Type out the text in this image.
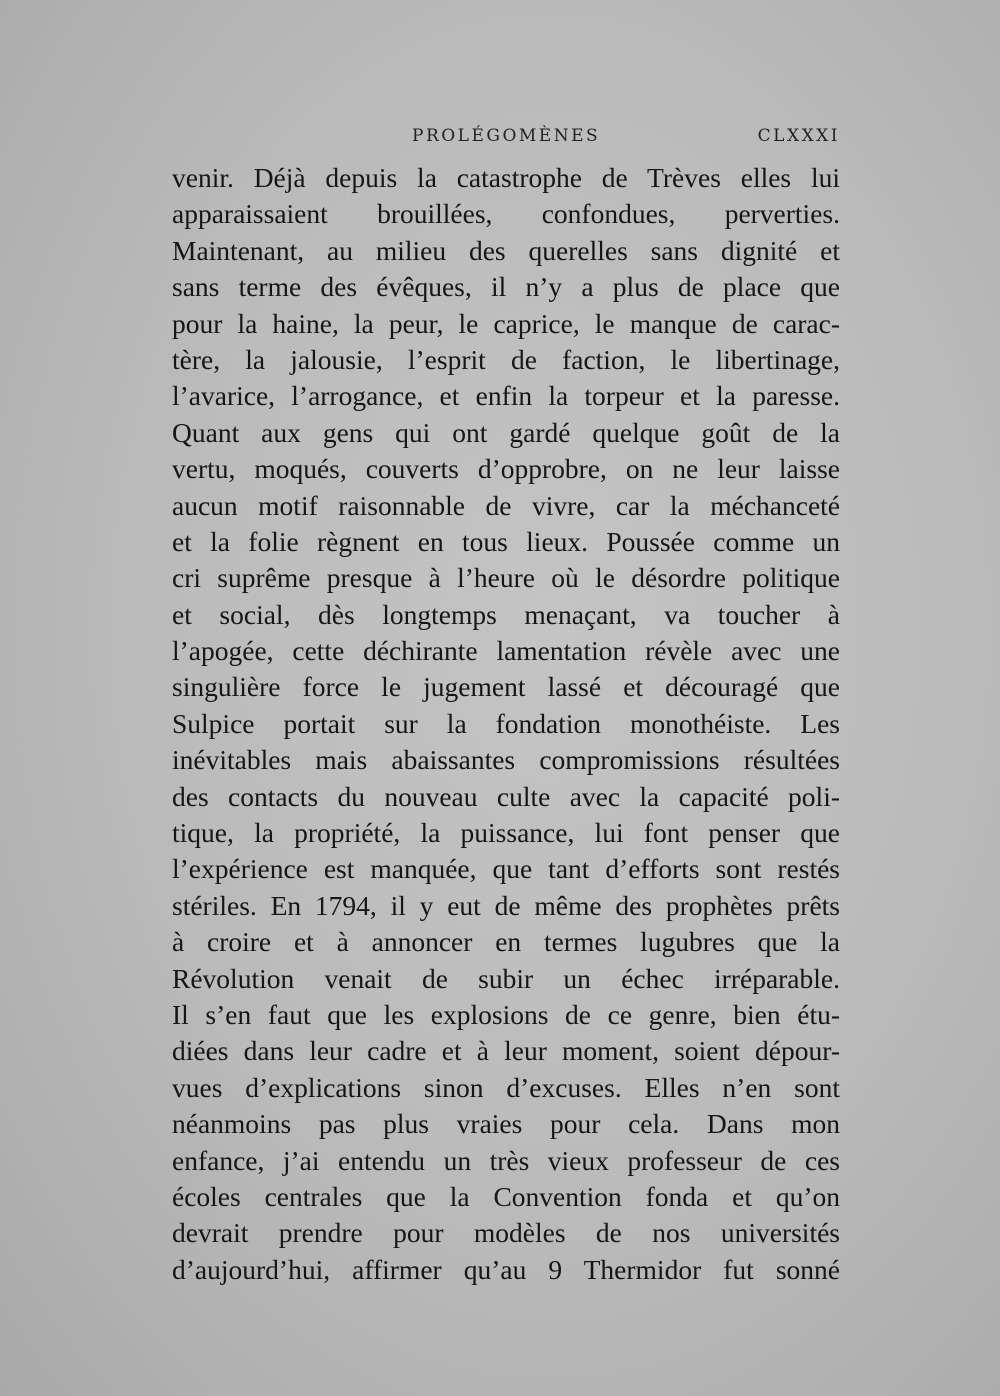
PROLÉGOMÈNES	CLXXXI
venir. Déjà depuis la catastrophe de Trèves elles lui
apparaissaient brouillées, confondues, perverties.
Maintenant, au milieu des querelles sans dignité et
sans terme des évêques, il n’y a plus de place que
pour la haine, la peur, le caprice, le manque de carac-
tère, la jalousie, l’esprit de faction, le libertinage,
l’avarice, l’arrogance, et enfin la torpeur et la paresse.
Quant aux gens qui ont gardé quelque goût de la
vertu, moqués, couverts d’opprobre, on ne leur laisse
aucun motif raisonnable de vivre, car la méchanceté
et la folie règnent en tous lieux. Poussée comme un
cri suprême presque à l’heure où le désordre politique
et social, dès longtemps menaçant, va toucher à
l’apogée, cette déchirante lamentation révèle avec une
singulière force le jugement lassé et découragé que
Sulpice portait sur la fondation monothéiste. Les
inévitables mais abaissantes compromissions résultées
des contacts du nouveau culte avec la capacité poli-
tique, la propriété, la puissance, lui font penser que
l’expérience est manquée, que tant d’efforts sont restés
stériles. En 1794, il y eut de même des prophètes prêts
à croire et à annoncer en termes lugubres que la
Révolution venait de subir un échec irréparable.
Il s’en faut que les explosions de ce genre, bien étu-
diées dans leur cadre et à leur moment, soient dépour-
vues d’explications sinon d’excuses. Elles n’en sont
néanmoins pas plus vraies pour cela. Dans mon
enfance, j’ai entendu un très vieux professeur de ces
écoles centrales que la Convention fonda et qu’on
devrait prendre pour modèles de nos universités
d’aujourd’hui, affirmer qu’au 9 Thermidor fut sonné
